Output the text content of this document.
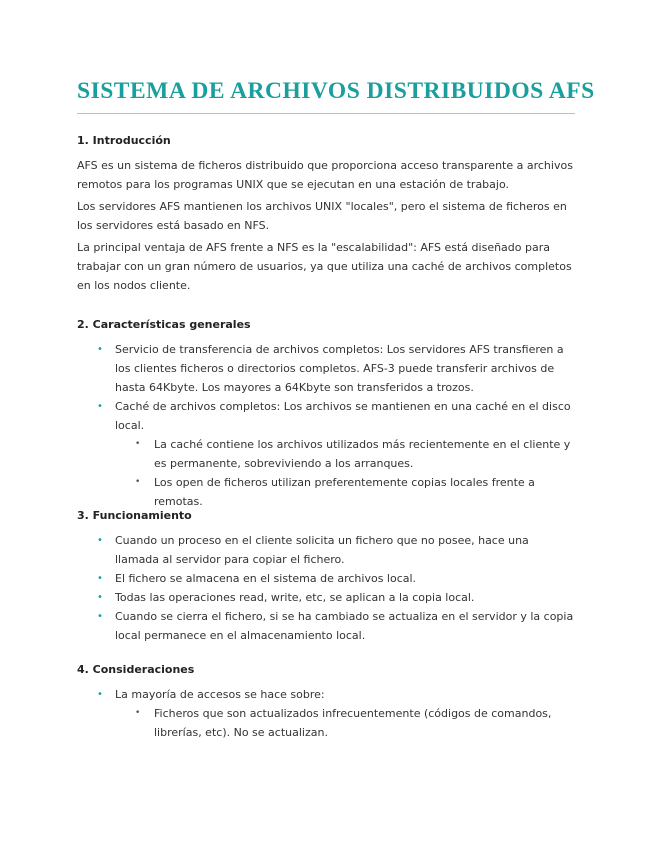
SISTEMA DE ARCHIVOS DISTRIBUIDOS AFS
1. Introducción

AFS es un sistema de ficheros distribuido que proporciona acceso transparente a archivos remotos para los programas UNIX que se ejecutan en una estación de trabajo.

Los servidores AFS mantienen los archivos UNIX "locales", pero el sistema de ficheros en los servidores está basado en NFS.

La principal ventaja de AFS frente a NFS es la "escalabilidad": AFS está diseñado para trabajar con un gran número de usuarios, ya que utiliza una caché de archivos completos en los nodos cliente.

2. Características generales
• Servicio de transferencia de archivos completos: Los servidores AFS transfieren a los clientes ficheros o directorios completos. AFS-3 puede transferir archivos de hasta 64Kbyte. Los mayores a 64Kbyte son transferidos a trozos.
• Caché de archivos completos: Los archivos se mantienen en una caché en el disco local.
• La caché contiene los archivos utilizados más recientemente en el cliente y es permanente, sobreviviendo a los arranques.
• Los open de ficheros utilizan preferentemente copias locales frente a remotas.
3. Funcionamiento
• Cuando un proceso en el cliente solicita un fichero que no posee, hace una llamada al servidor para copiar el fichero.
• El fichero se almacena en el sistema de archivos local.
• Todas las operaciones read, write, etc, se aplican a la copia local.
• Cuando se cierra el fichero, si se ha cambiado se actualiza en el servidor y la copia local permanece en el almacenamiento local.
4. Consideraciones
• La mayoría de accesos se hace sobre:
• Ficheros que son actualizados infrecuentemente (códigos de comandos, librerías, etc). No se actualizan.
